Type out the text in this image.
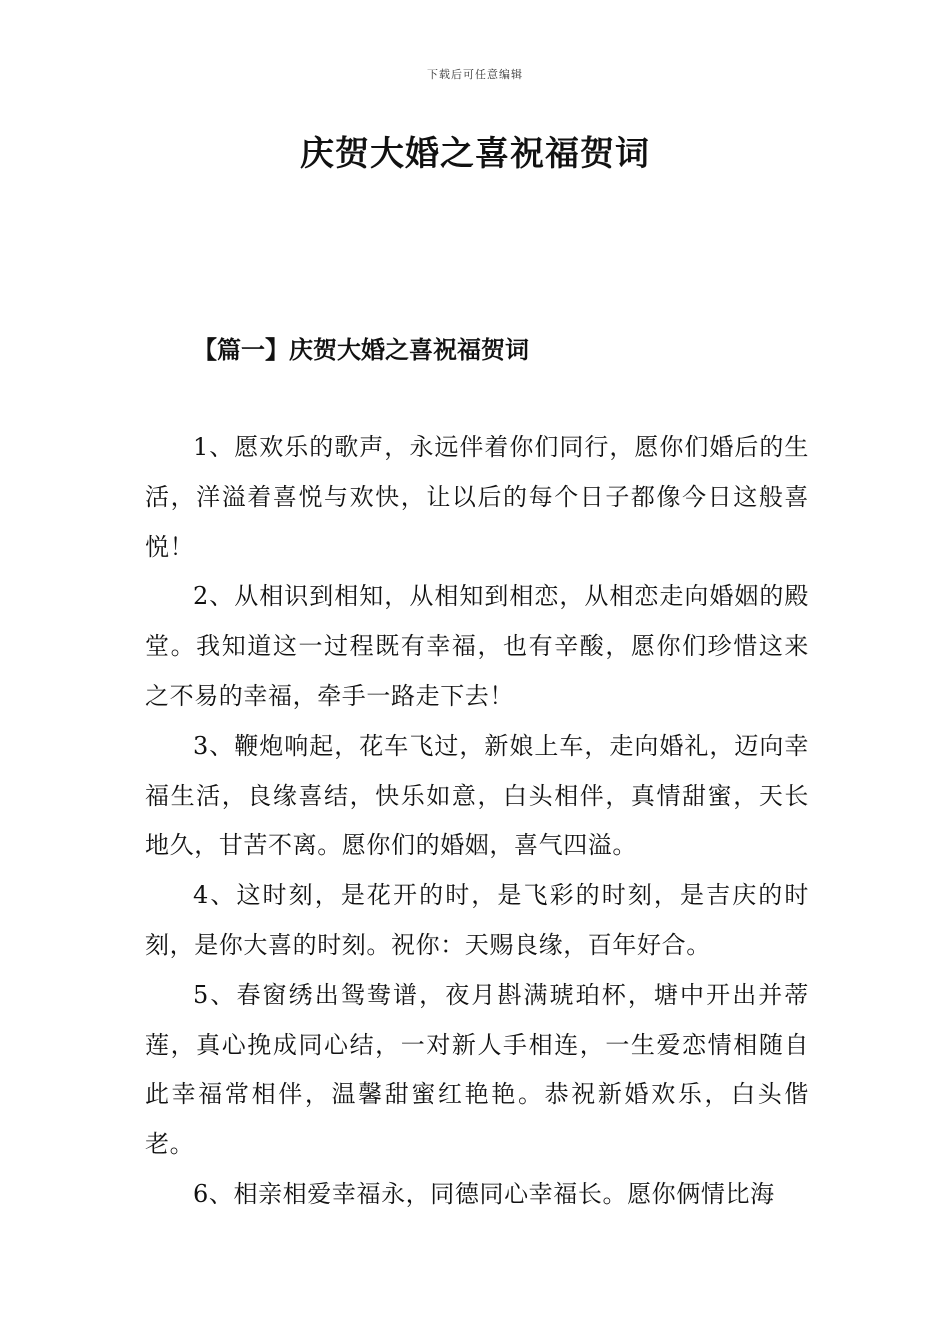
下载后可任意编辑
庆贺大婚之喜祝福贺词
【篇一】庆贺大婚之喜祝福贺词

1、愿欢乐的歌声，永远伴着你们同行，愿你们婚后的生活，洋溢着喜悦与欢快，让以后的每个日子都像今日这般喜悦！

2、从相识到相知，从相知到相恋，从相恋走向婚姻的殿堂。我知道这一过程既有幸福，也有辛酸，愿你们珍惜这来之不易的幸福，牵手一路走下去！

3、鞭炮响起，花车飞过，新娘上车，走向婚礼，迈向幸福生活，良缘喜结，快乐如意，白头相伴，真情甜蜜，天长地久，甘苦不离。愿你们的婚姻，喜气四溢。

4、这时刻，是花开的时，是飞彩的时刻，是吉庆的时刻，是你大喜的时刻。祝你：天赐良缘，百年好合。

5、春窗绣出鸳鸯谱，夜月斟满琥珀杯，塘中开出并蒂莲，真心挽成同心结，一对新人手相连，一生爱恋情相随自此幸福常相伴，温馨甜蜜红艳艳。恭祝新婚欢乐，白头偕老。

6、相亲相爱幸福永，同德同心幸福长。愿你俩情比海
